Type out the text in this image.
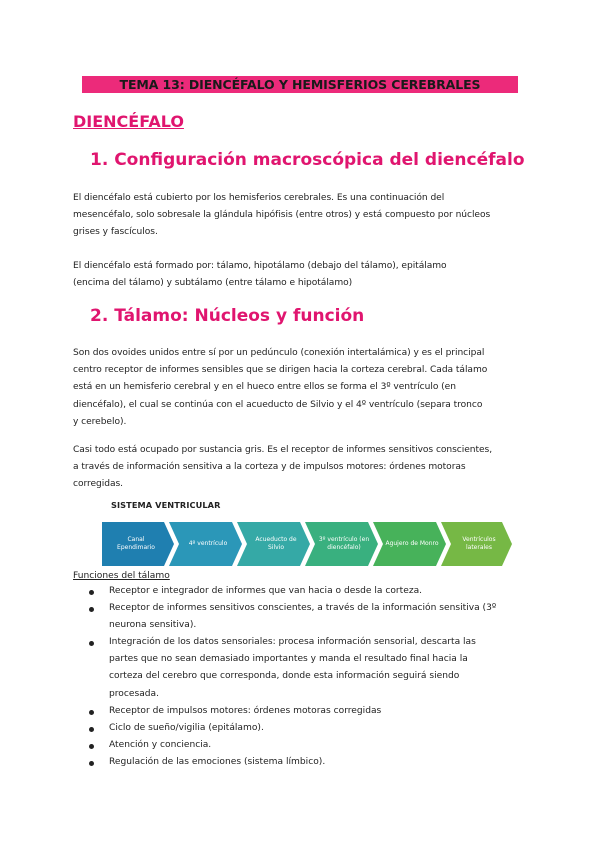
TEMA 13: DIENCÉFALO Y HEMISFERIOS CEREBRALES
DIENCÉFALO
1. Configuración macroscópica del diencéfalo
El diencéfalo está cubierto por los hemisferios cerebrales. Es una continuación del
mesencéfalo, solo sobresale la glándula hipófisis (entre otros) y está compuesto por núcleos
grises y fascículos.
El diencéfalo está formado por: tálamo, hipotálamo (debajo del tálamo), epitálamo
(encima del tálamo) y subtálamo (entre tálamo e hipotálamo)
2. Tálamo: Núcleos y función
Son dos ovoides unidos entre sí por un pedúnculo (conexión intertalámica) y es el principal
centro receptor de informes sensibles que se dirigen hacia la corteza cerebral. Cada tálamo
está en un hemisferio cerebral y en el hueco entre ellos se forma el 3º ventrículo (en
diencéfalo), el cual se continúa con el acueducto de Silvio y el 4º ventrículo (separa tronco
y cerebelo).
Casi todo está ocupado por sustancia gris. Es el receptor de informes sensitivos conscientes,
a través de información sensitiva a la corteza y de impulsos motores: órdenes motoras
corregidas.
SISTEMA VENTRICULAR
Canal Ependimario
4º ventrículo
Acueducto de Silvio
3º ventrículo (en diencéfalo)
Agujero de Monro
Ventrículos laterales
Funciones del tálamo
Receptor e integrador de informes que van hacia o desde la corteza.
Receptor de informes sensitivos conscientes, a través de la información sensitiva (3º
neurona sensitiva).
Integración de los datos sensoriales: procesa información sensorial, descarta las
partes que no sean demasiado importantes y manda el resultado final hacia la
corteza del cerebro que corresponda, donde esta información seguirá siendo
procesada.
Receptor de impulsos motores: órdenes motoras corregidas
Ciclo de sueño/vigilia (epitálamo).
Atención y conciencia.
Regulación de las emociones (sistema límbico).
